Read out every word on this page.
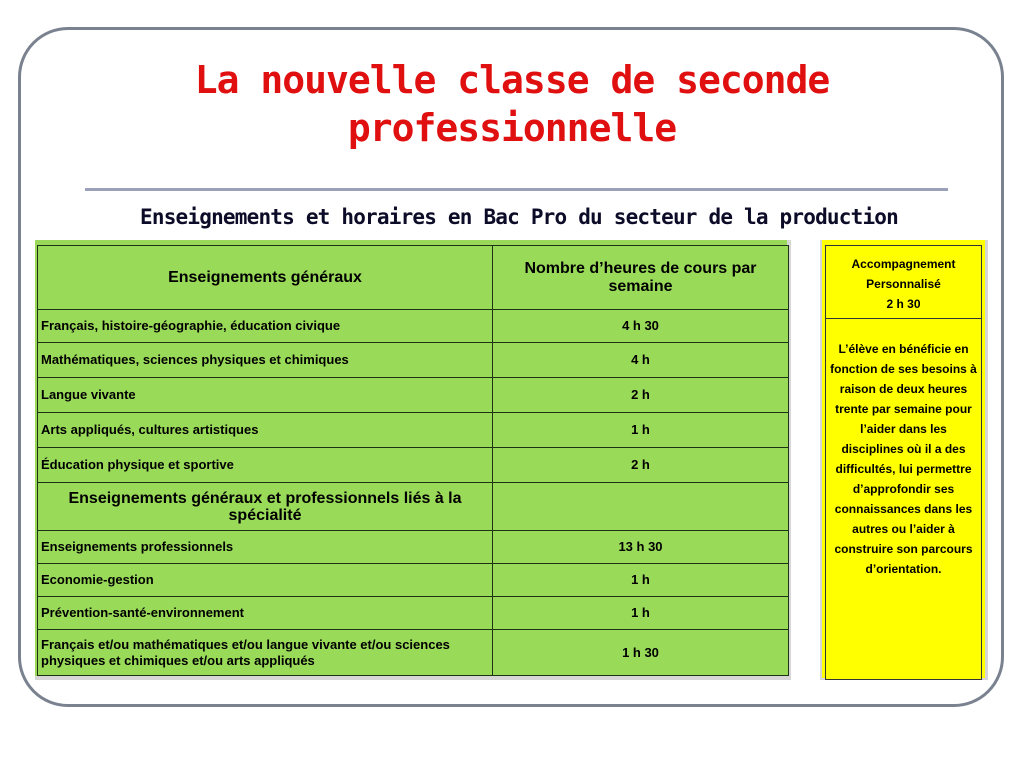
La nouvelle classe de seconde
professionnelle
Enseignements et horaires en Bac Pro du secteur de la production
Enseignements généraux	Nombre d’heures de cours par semaine
Français, histoire-géographie, éducation civique	4 h 30
Mathématiques, sciences physiques et chimiques	4 h
Langue vivante	2 h
Arts appliqués, cultures artistiques	1 h
Éducation physique et sportive	2 h
Enseignements généraux et professionnels liés à la spécialité	
Enseignements professionnels	13 h 30
Economie-gestion	1 h
Prévention-santé-environnement	1 h
Français et/ou mathématiques et/ou langue vivante et/ou sciences physiques et chimiques et/ou arts appliqués	1 h 30
Accompagnement
Personnalisé
2 h 30

L’élève en bénéficie en fonction de ses besoins à raison de deux heures trente par semaine pour l’aider dans les disciplines où il a des difficultés, lui permettre d’approfondir ses connaissances dans les autres ou l’aider à construire son parcours d’orientation.
